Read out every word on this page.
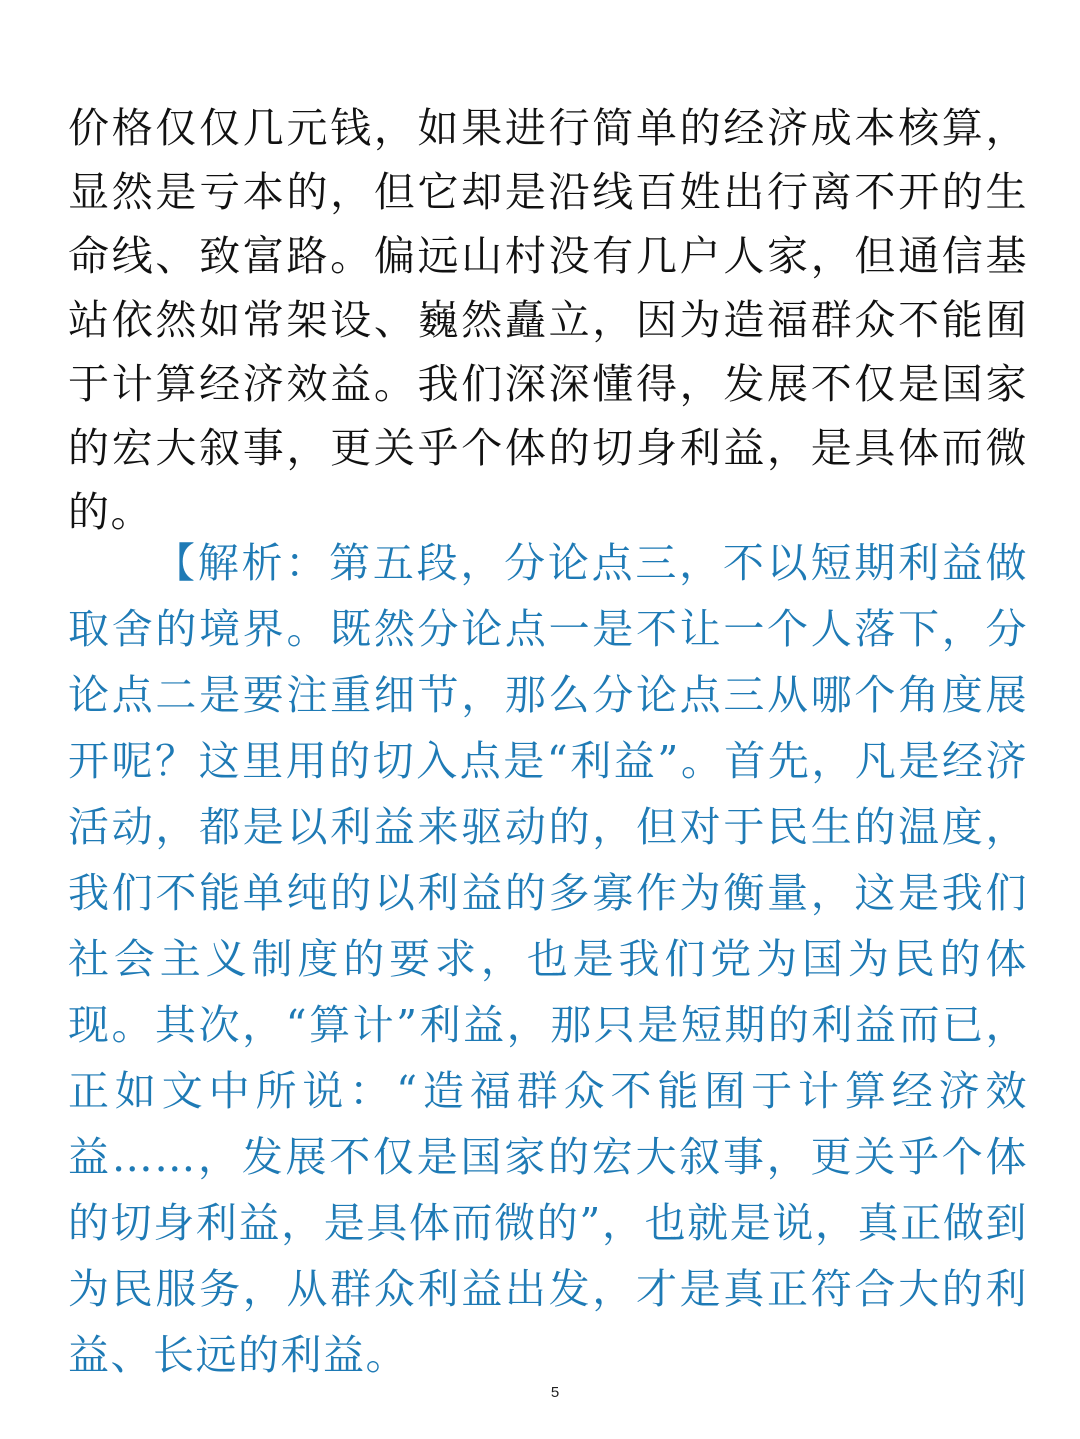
价格仅仅几元钱，如果进行简单的经济成本核算，显然是亏本的，但它却是沿线百姓出行离不开的生命线、致富路。偏远山村没有几户人家，但通信基站依然如常架设、巍然矗立，因为造福群众不能囿于计算经济效益。我们深深懂得，发展不仅是国家的宏大叙事，更关乎个体的切身利益，是具体而微的。

【解析：第五段，分论点三，不以短期利益做取舍的境界。既然分论点一是不让一个人落下，分论点二是要注重细节，那么分论点三从哪个角度展开呢？这里用的切入点是“利益”。首先，凡是经济活动，都是以利益来驱动的，但对于民生的温度，我们不能单纯的以利益的多寡作为衡量，这是我们社会主义制度的要求，也是我们党为国为民的体现。其次，“算计”利益，那只是短期的利益而已，正如文中所说：“造福群众不能囿于计算经济效益……，发展不仅是国家的宏大叙事，更关乎个体的切身利益，是具体而微的”，也就是说，真正做到为民服务，从群众利益出发，才是真正符合大的利益、长远的利益。

5
